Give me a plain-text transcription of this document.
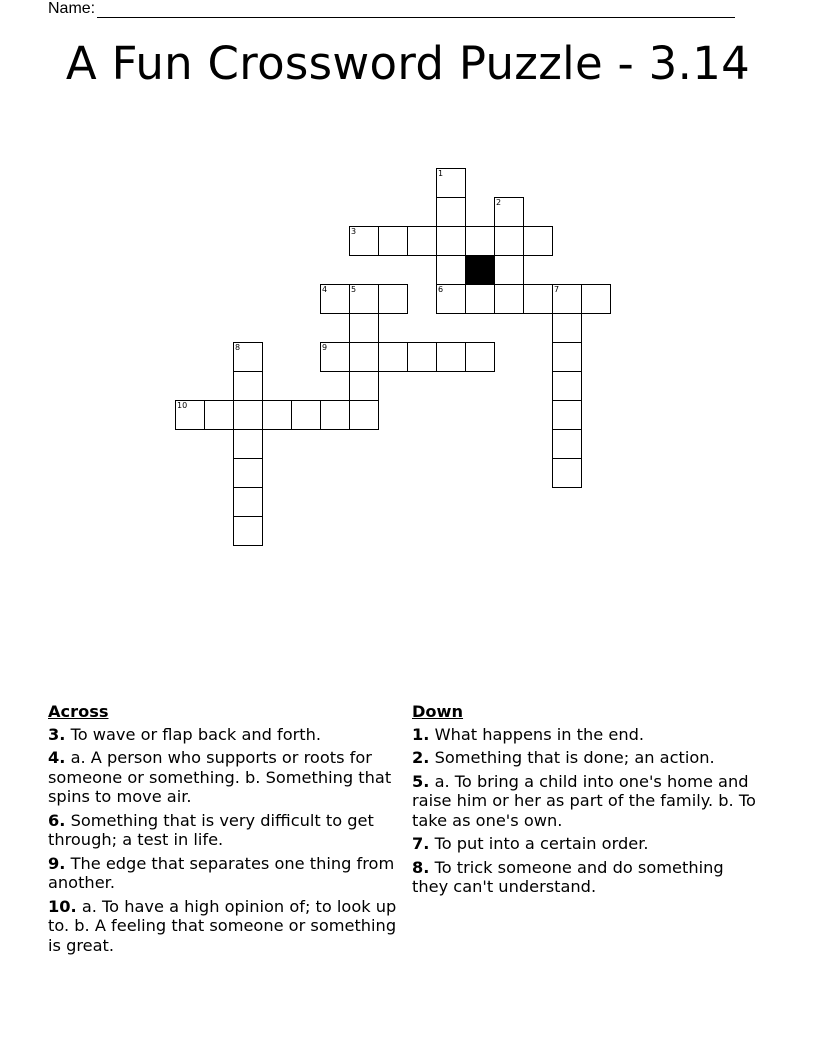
Name:
A Fun Crossword Puzzle - 3.14
1
2
3
4	5	6	7
8	9
10
Across
3. To wave or flap back and forth.
4. a. A person who supports or roots for someone or something. b. Something that spins to move air.
6. Something that is very difficult to get through; a test in life.
9. The edge that separates one thing from another.
10. a. To have a high opinion of; to look up to. b. A feeling that someone or something is great.
Down
1. What happens in the end.
2. Something that is done; an action.
5. a. To bring a child into one's home and raise him or her as part of the family. b. To take as one's own.
7. To put into a certain order.
8. To trick someone and do something they can't understand.
